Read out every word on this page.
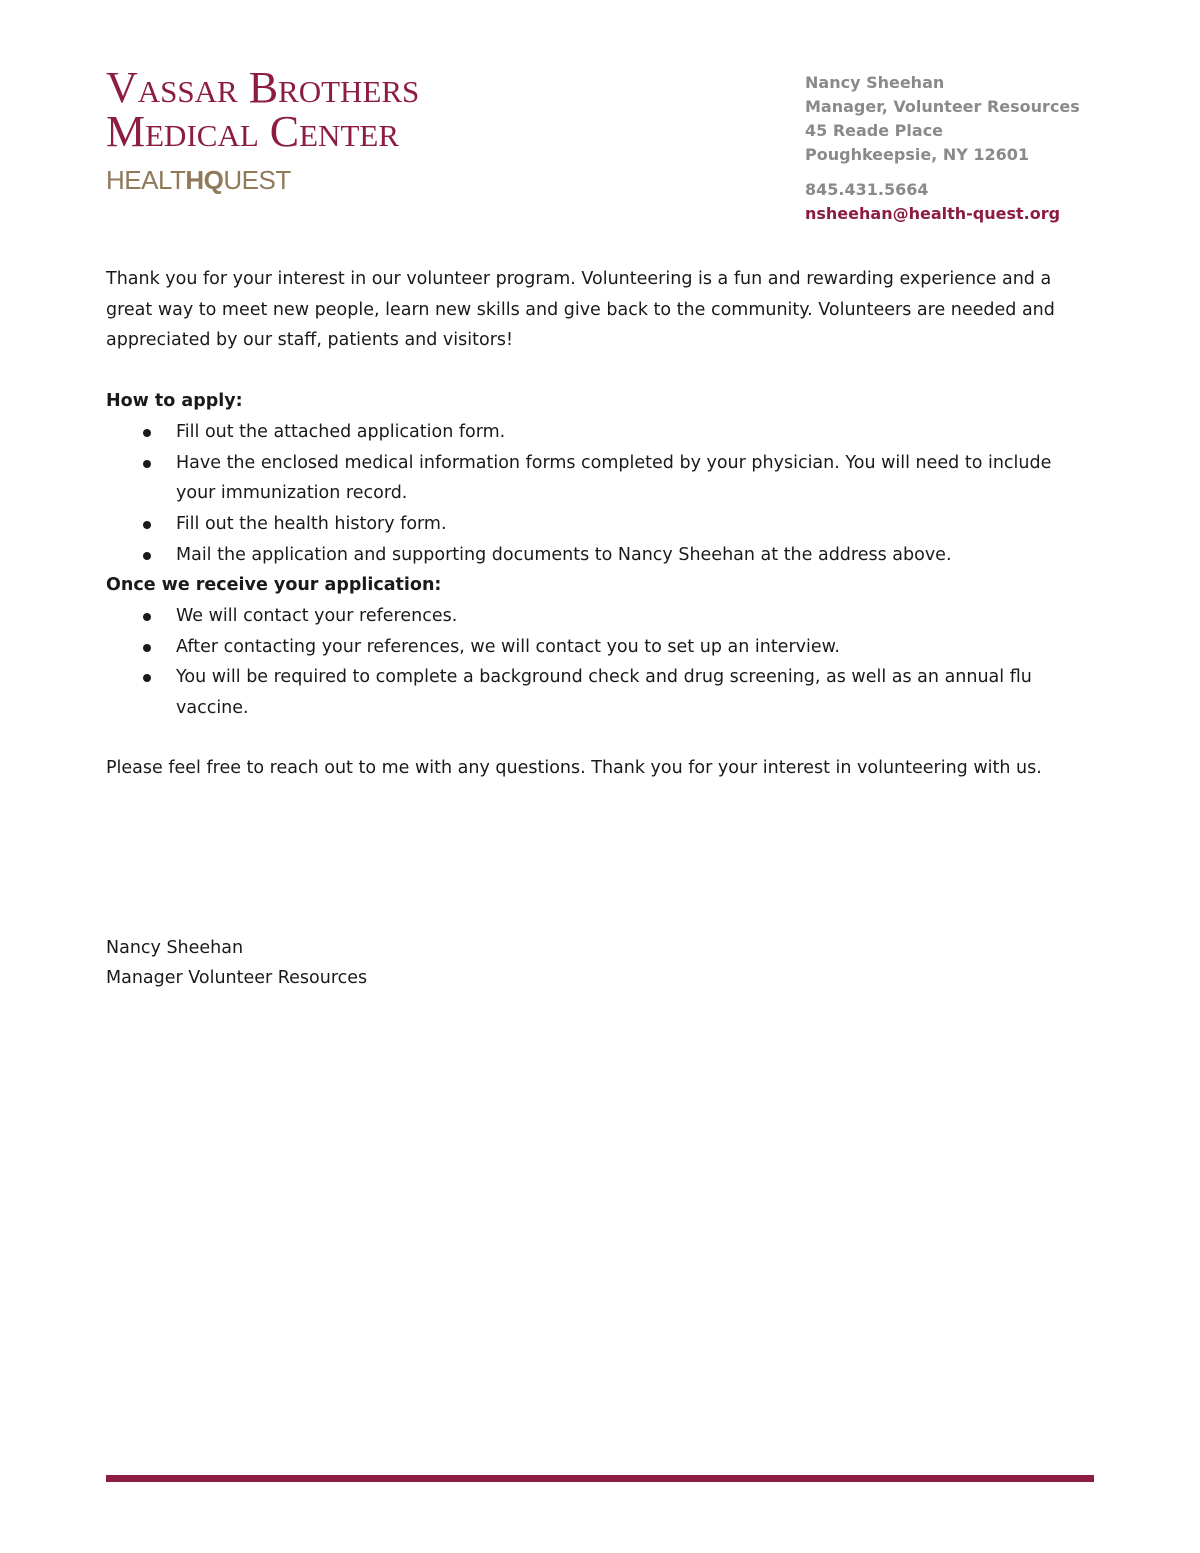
Vassar Brothers
Medical Center
HEALTHQUEST
Nancy Sheehan
Manager, Volunteer Resources
45 Reade Place
Poughkeepsie, NY 12601
845.431.5664
nsheehan@health-quest.org

Thank you for your interest in our volunteer program. Volunteering is a fun and rewarding experience and a great way to meet new people, learn new skills and give back to the community. Volunteers are needed and appreciated by our staff, patients and visitors!

How to apply:

Fill out the attached application form.
Have the enclosed medical information forms completed by your physician. You will need to include your immunization record.
Fill out the health history form.
Mail the application and supporting documents to Nancy Sheehan at the address above.

Once we receive your application:

We will contact your references.
After contacting your references, we will contact you to set up an interview.
You will be required to complete a background check and drug screening, as well as an annual flu vaccine.

Please feel free to reach out to me with any questions. Thank you for your interest in volunteering with us.

Nancy Sheehan
Manager Volunteer Resources
